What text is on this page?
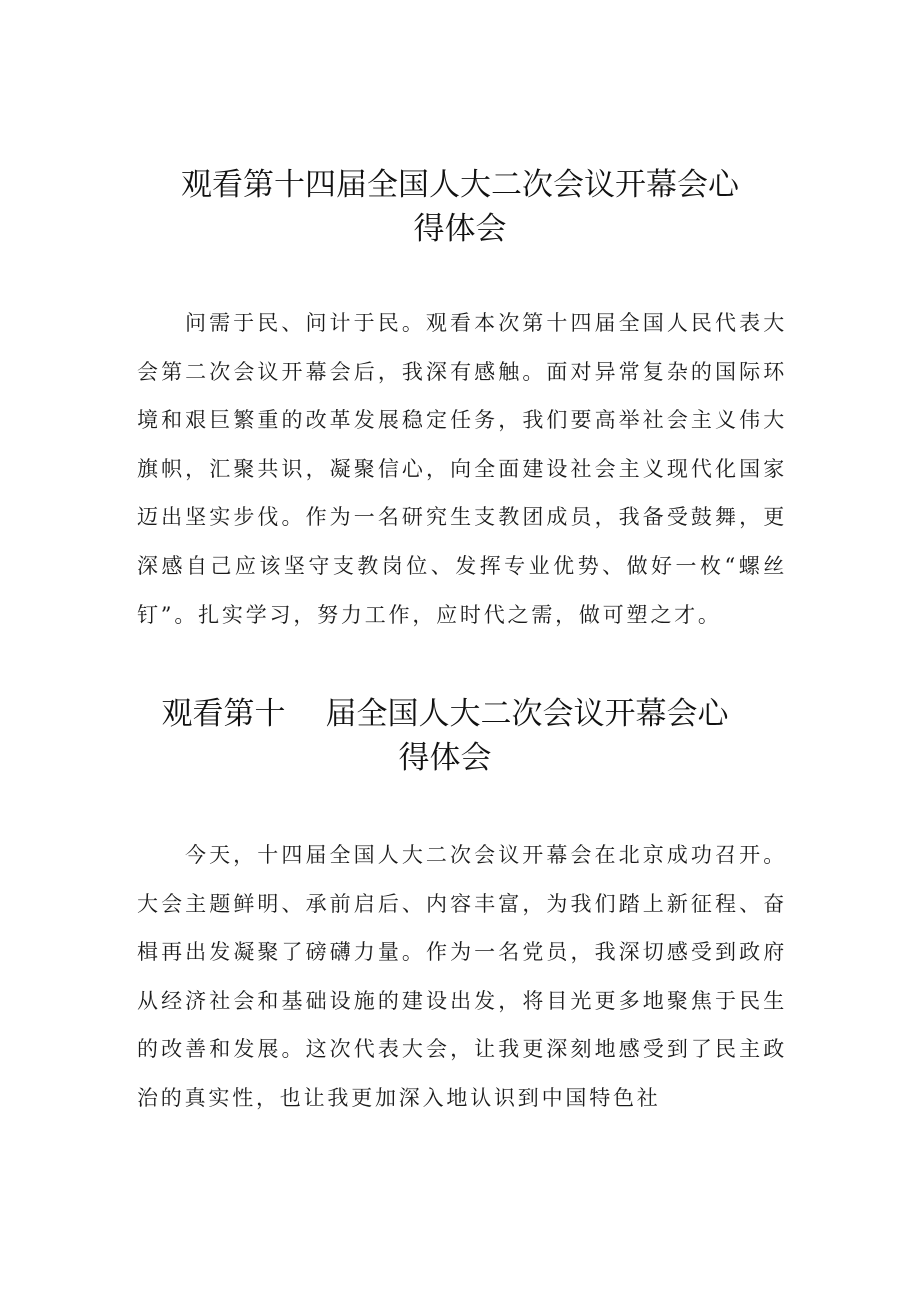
观看第十四届全国人大二次会议开幕会心
得体会

问需于民、问计于民。观看本次第十四届全国人民代表大会第二次会议开幕会后，我深有感触。面对异常复杂的国际环境和艰巨繁重的改革发展稳定任务，我们要高举社会主义伟大旗帜，汇聚共识，凝聚信心，向全面建设社会主义现代化国家迈出坚实步伐。作为一名研究生支教团成员，我备受鼓舞，更深感自己应该坚守支教岗位、发挥专业优势、做好一枚“螺丝钉”。扎实学习，努力工作，应时代之需，做可塑之才。

观看第十 届全国人大二次会议开幕会心
得体会

今天，十四届全国人大二次会议开幕会在北京成功召开。大会主题鲜明、承前启后、内容丰富，为我们踏上新征程、奋楫再出发凝聚了磅礴力量。作为一名党员，我深切感受到政府从经济社会和基础设施的建设出发，将目光更多地聚焦于民生的改善和发展。这次代表大会，让我更深刻地感受到了民主政治的真实性，也让我更加深入地认识到中国特色社
